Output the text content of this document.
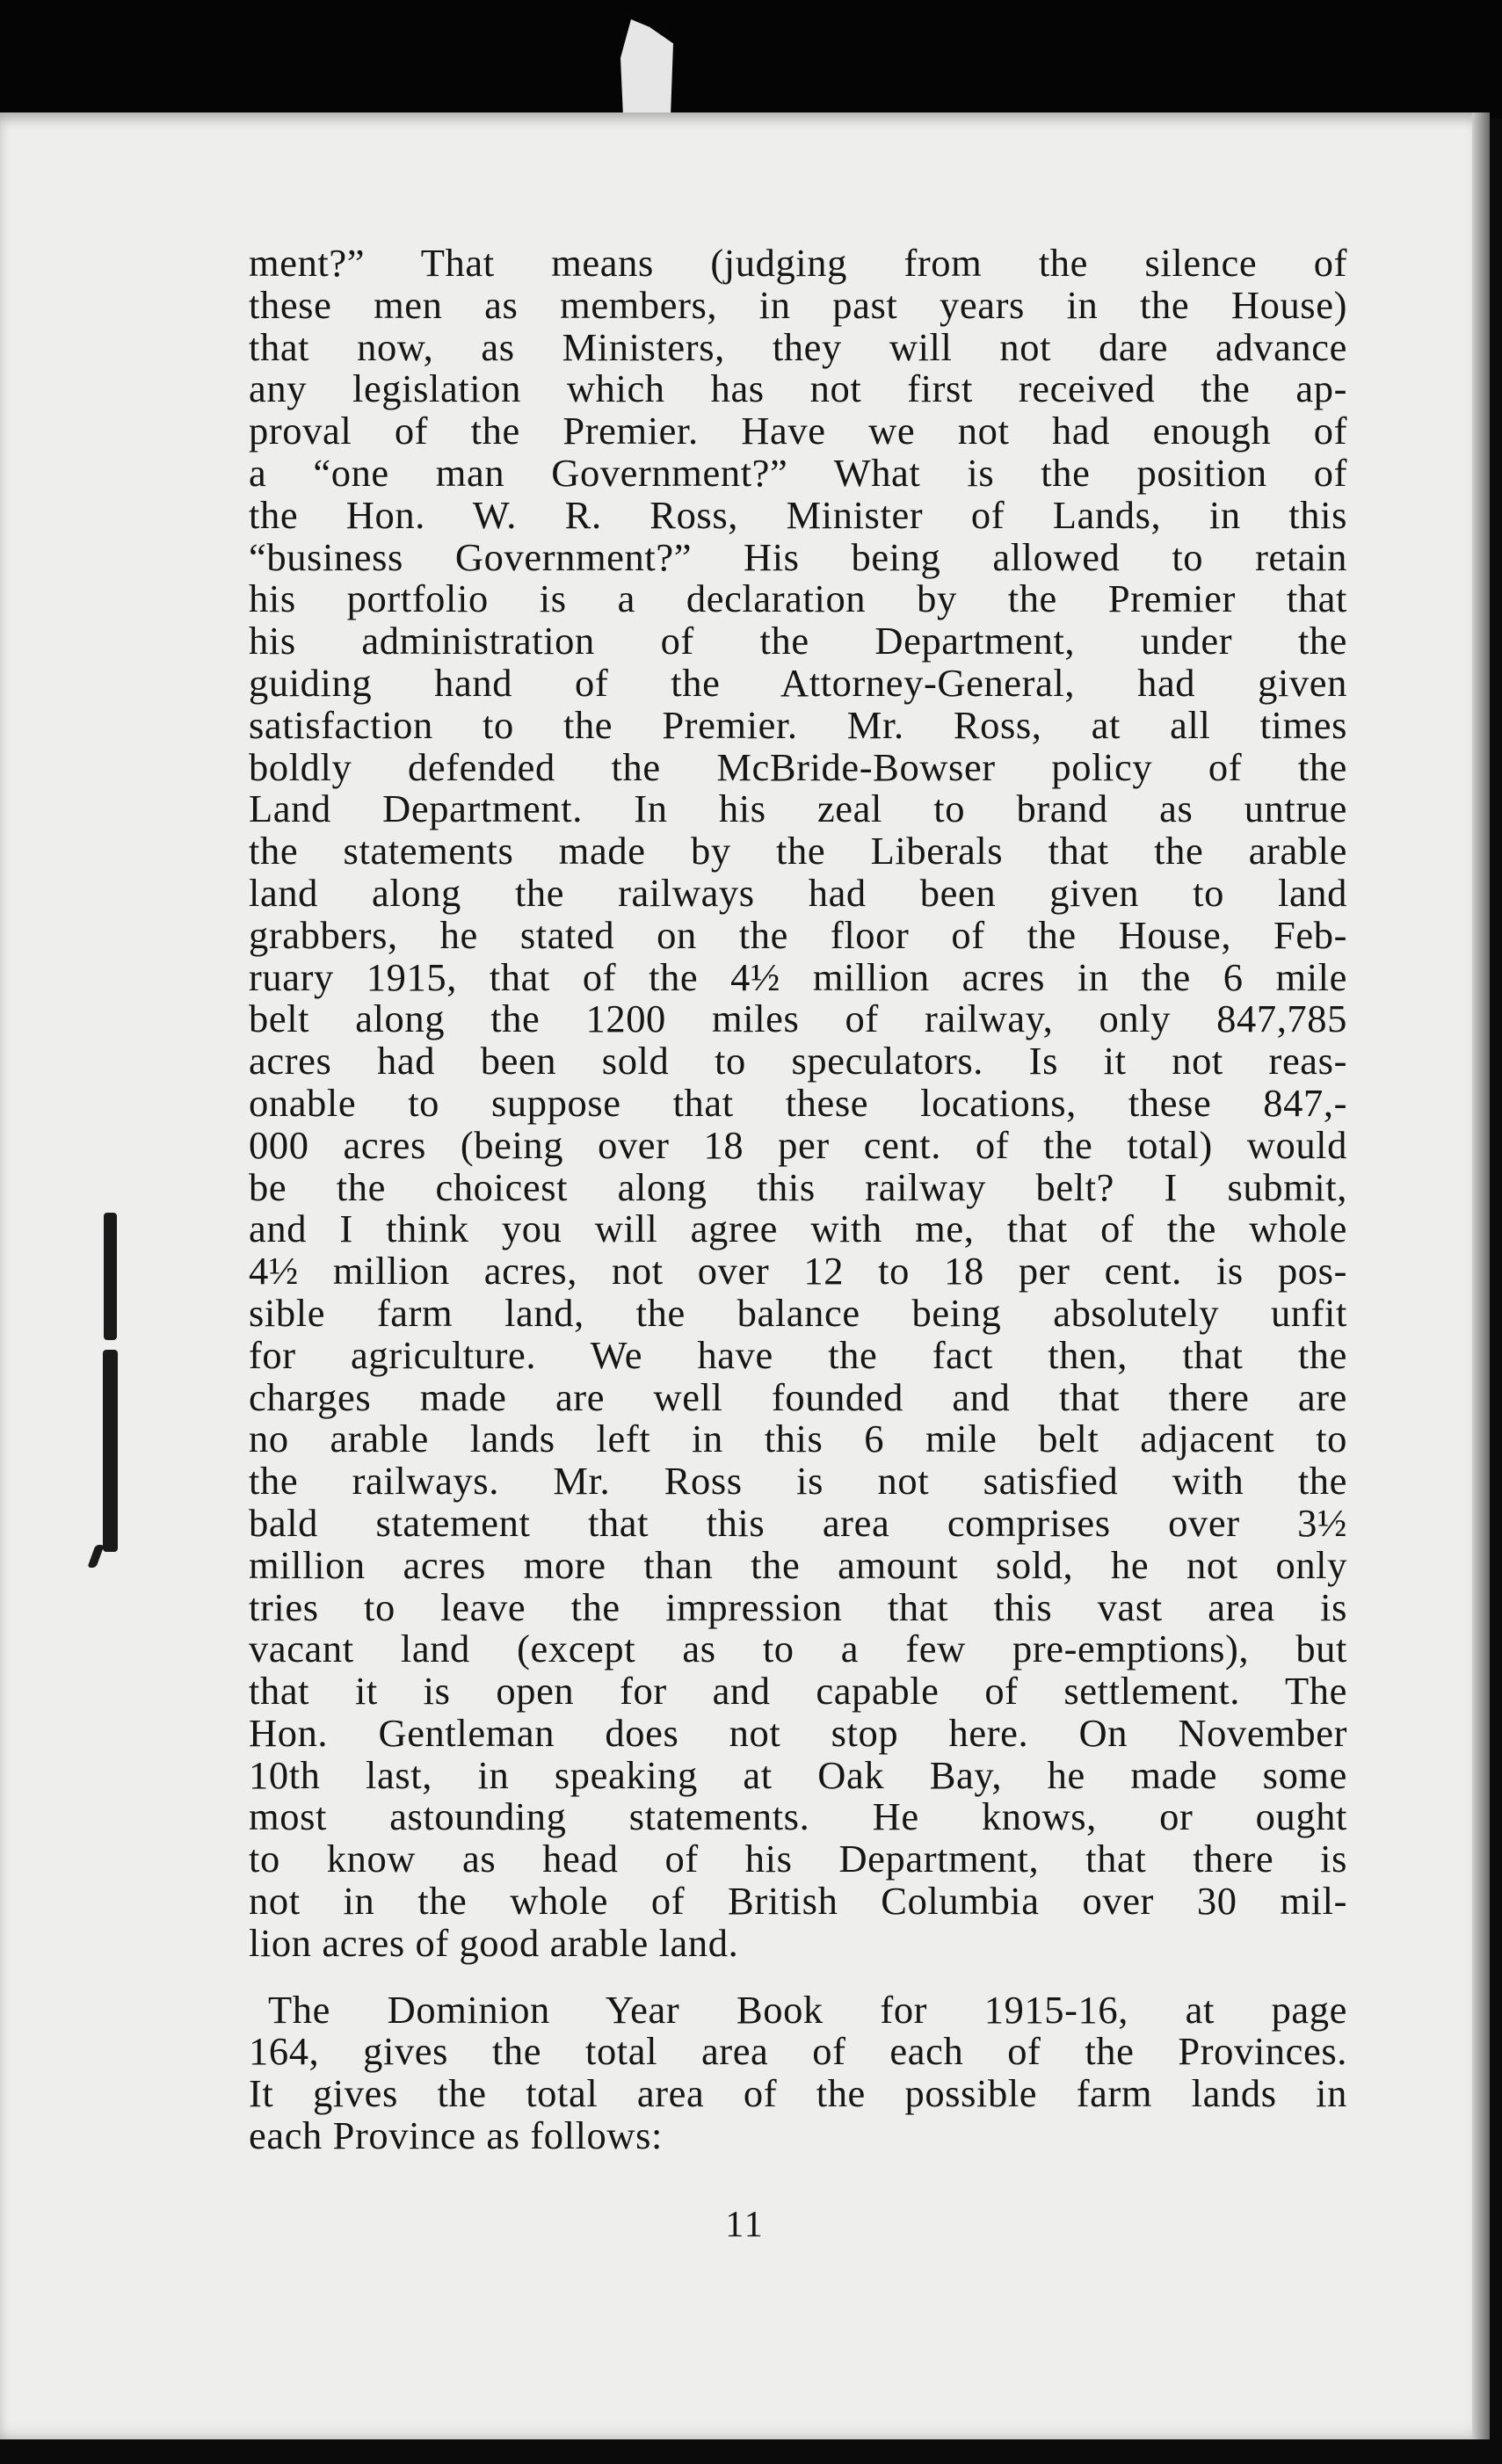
ment?” That means (judging from the silence of
these men as members, in past years in the House)
that now, as Ministers, they will not dare advance
any legislation which has not first received the ap-
proval of the Premier. Have we not had enough of
a “one man Government?” What is the position of
the Hon. W. R. Ross, Minister of Lands, in this
“business Government?” His being allowed to retain
his portfolio is a declaration by the Premier that
his administration of the Department, under the
guiding hand of the Attorney-General, had given
satisfaction to the Premier. Mr. Ross, at all times
boldly defended the McBride-Bowser policy of the
Land Department. In his zeal to brand as untrue
the statements made by the Liberals that the arable
land along the railways had been given to land
grabbers, he stated on the floor of the House, Feb-
ruary 1915, that of the 4½ million acres in the 6 mile
belt along the 1200 miles of railway, only 847,785
acres had been sold to speculators. Is it not reas-
onable to suppose that these locations, these 847,-
000 acres (being over 18 per cent. of the total) would
be the choicest along this railway belt? I submit,
and I think you will agree with me, that of the whole
4½ million acres, not over 12 to 18 per cent. is pos-
sible farm land, the balance being absolutely unfit
for agriculture. We have the fact then, that the
charges made are well founded and that there are
no arable lands left in this 6 mile belt adjacent to
the railways. Mr. Ross is not satisfied with the
bald statement that this area comprises over 3½
million acres more than the amount sold, he not only
tries to leave the impression that this vast area is
vacant land (except as to a few pre-emptions), but
that it is open for and capable of settlement. The
Hon. Gentleman does not stop here. On November
10th last, in speaking at Oak Bay, he made some
most astounding statements. He knows, or ought
to know as head of his Department, that there is
not in the whole of British Columbia over 30 mil-
lion acres of good arable land.
The Dominion Year Book for 1915-16, at page
164, gives the total area of each of the Provinces.
It gives the total area of the possible farm lands in
each Province as follows:
11
